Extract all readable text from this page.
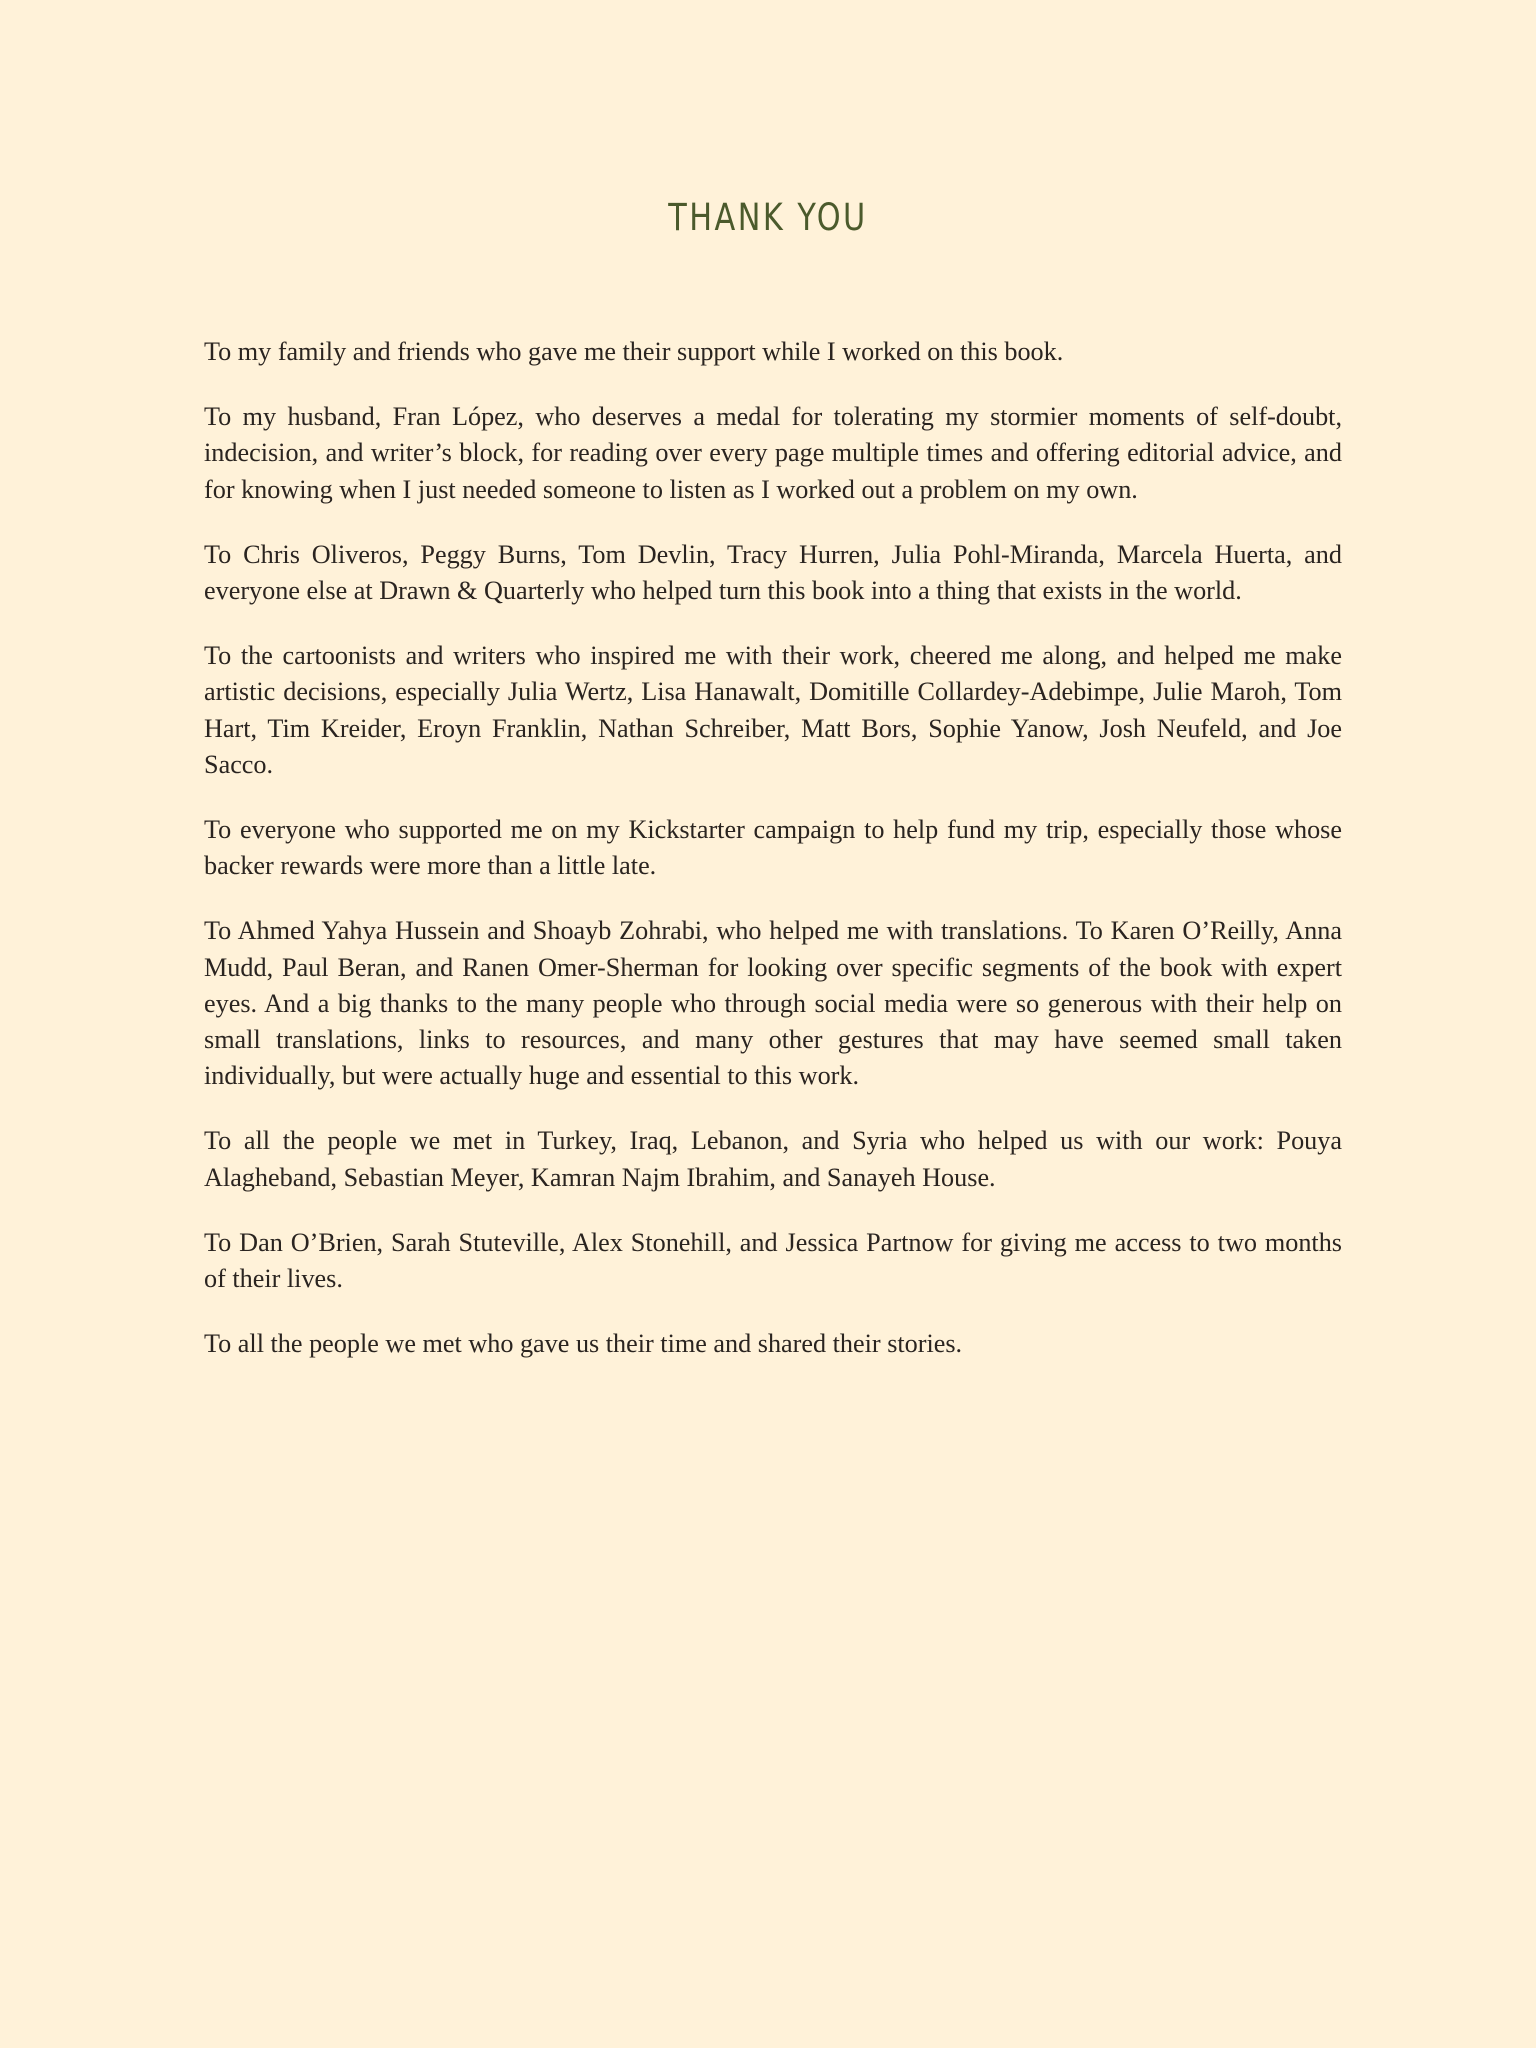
THANK YOU

To my family and friends who gave me their support while I worked on this book.

To my husband, Fran López, who deserves a medal for tolerating my stormier moments of self-doubt, indecision, and writer’s block, for reading over every page multiple times and offering editorial advice, and for knowing when I just needed someone to listen as I worked out a problem on my own.

To Chris Oliveros, Peggy Burns, Tom Devlin, Tracy Hurren, Julia Pohl-Miranda, Marcela Huerta, and everyone else at Drawn & Quarterly who helped turn this book into a thing that exists in the world.

To the cartoonists and writers who inspired me with their work, cheered me along, and helped me make artistic decisions, especially Julia Wertz, Lisa Hanawalt, Domitille Collardey-Adebimpe, Julie Maroh, Tom Hart, Tim Kreider, Eroyn Franklin, Nathan Schreiber, Matt Bors, Sophie Yanow, Josh Neufeld, and Joe Sacco.

To everyone who supported me on my Kickstarter campaign to help fund my trip, especially those whose backer rewards were more than a little late.

To Ahmed Yahya Hussein and Shoayb Zohrabi, who helped me with translations. To Karen O’Reilly, Anna Mudd, Paul Beran, and Ranen Omer-Sherman for looking over specific segments of the book with expert eyes. And a big thanks to the many people who through social media were so generous with their help on small translations, links to resources, and many other gestures that may have seemed small taken individually, but were actually huge and essential to this work.

To all the people we met in Turkey, Iraq, Lebanon, and Syria who helped us with our work: Pouya Alagheband, Sebastian Meyer, Kamran Najm Ibrahim, and Sanayeh House.

To Dan O’Brien, Sarah Stuteville, Alex Stonehill, and Jessica Partnow for giving me access to two months of their lives.

To all the people we met who gave us their time and shared their stories.
